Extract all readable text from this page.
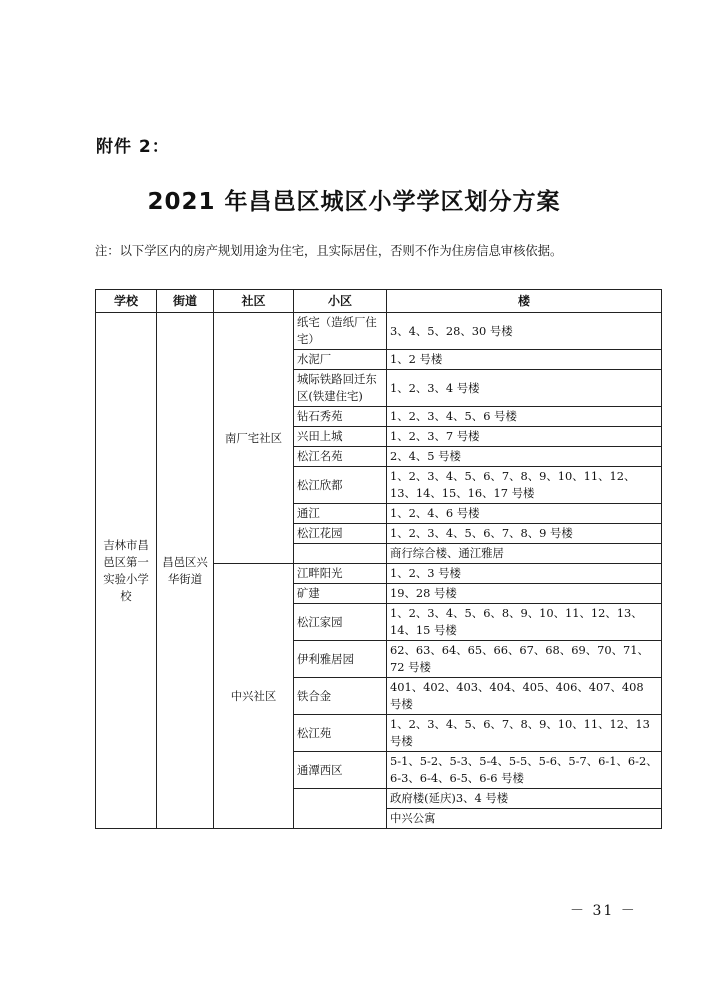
附件 2：
2021 年昌邑区城区小学学区划分方案
注：以下学区内的房产规划用途为住宅，且实际居住，否则不作为住房信息审核依据。
学校	街道	社区	小区	楼
吉林市昌邑区第一实验小学校	昌邑区兴华街道	南厂宅社区	纸宅（造纸厂住宅）	3、4、5、28、30 号楼
			水泥厂	1、2 号楼
			城际铁路回迁东区(铁建住宅)	1、2、3、4 号楼
			钻石秀苑	1、2、3、4、5、6 号楼
			兴田上城	1、2、3、7 号楼
			松江名苑	2、4、5 号楼
			松江欣都	1、2、3、4、5、6、7、8、9、10、11、12、13、14、15、16、17 号楼
			通江	1、2、4、6 号楼
			松江花园	1、2、3、4、5、6、7、8、9 号楼
				商行综合楼、通江雅居
		中兴社区	江畔阳光	1、2、3 号楼
			矿建	19、28 号楼
			松江家园	1、2、3、4、5、6、8、9、10、11、12、13、14、15 号楼
			伊利雅居园	62、63、64、65、66、67、68、69、70、71、72 号楼
			铁合金	401、402、403、404、405、406、407、408 号楼
			松江苑	1、2、3、4、5、6、7、8、9、10、11、12、13 号楼
			通潭西区	5-1、5-2、5-3、5-4、5-5、5-6、5-7、6-1、6-2、6-3、6-4、6-5、6-6 号楼
				政府楼(延庆)3、4 号楼
				中兴公寓
－ 31 －
